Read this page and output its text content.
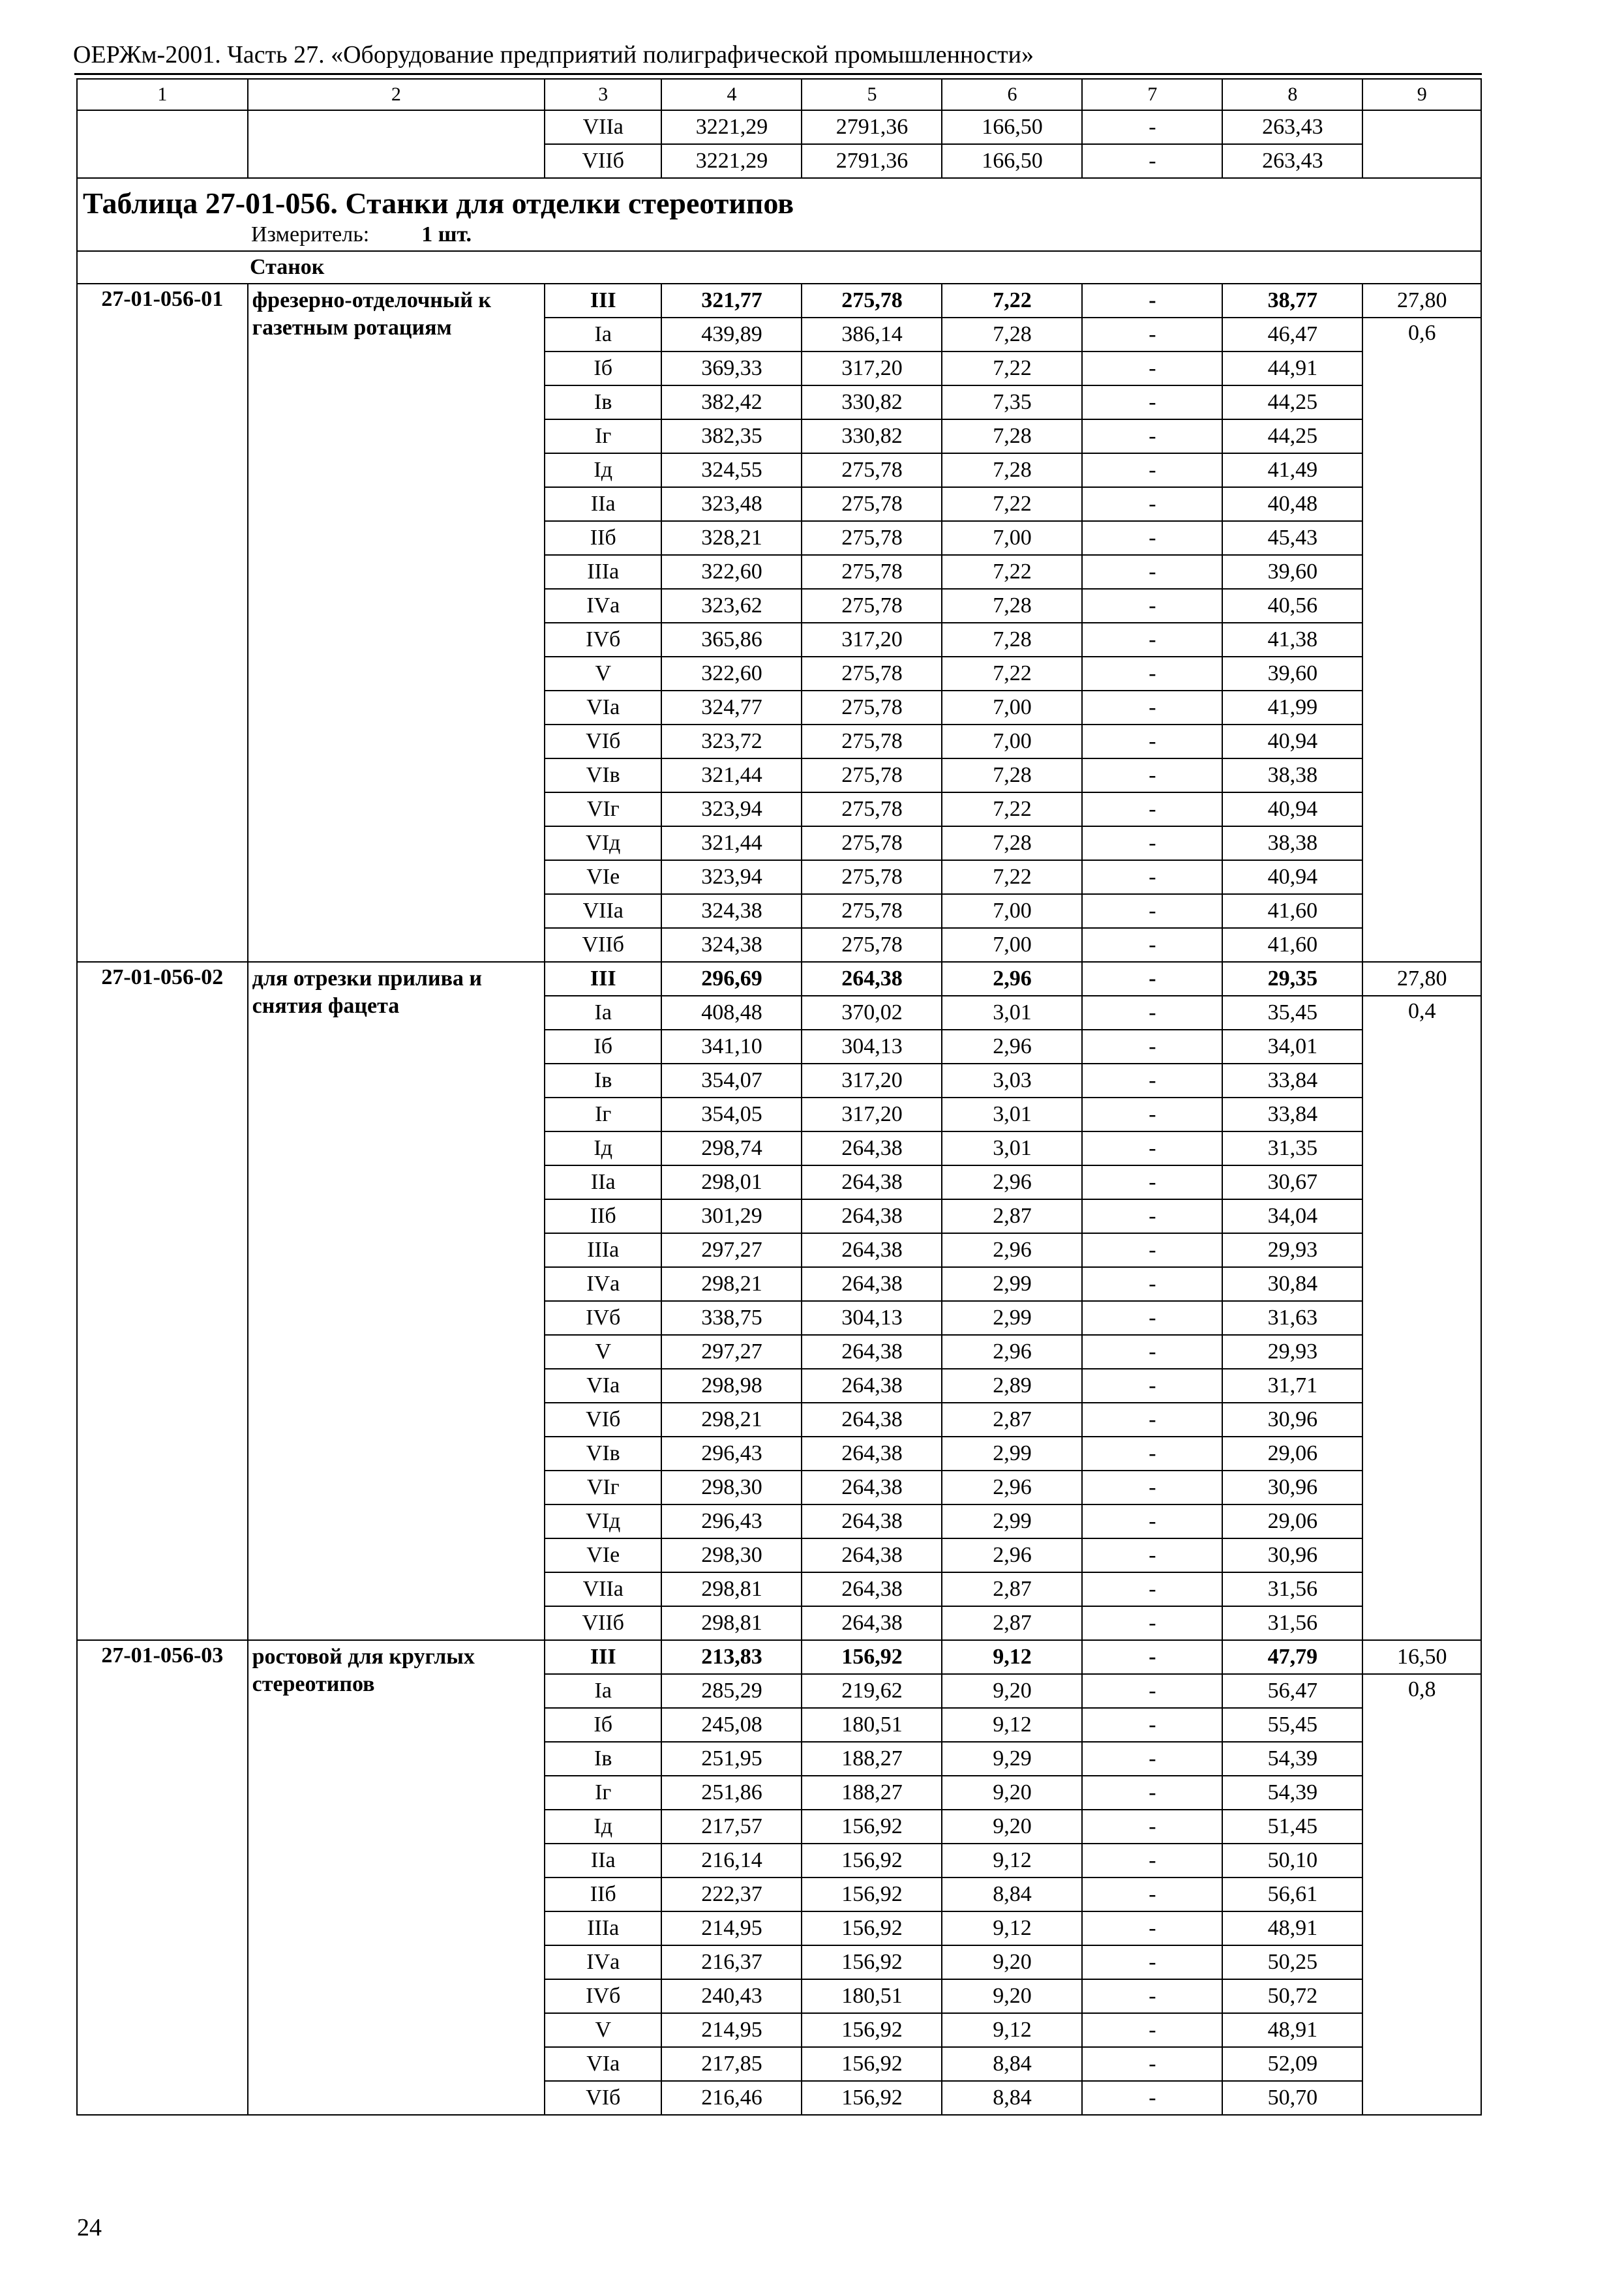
ОЕРЖм-2001. Часть 27. «Оборудование предприятий полиграфической промышленности»
1	2	3	4	5	6	7	8	9
		VIIа	3221,29	2791,36	166,50	-	263,43	
		VIIб	3221,29	2791,36	166,50	-	263,43	

Таблица 27-01-056. Станки для отделки стереотипов
Измеритель: 1 шт.								

Станок								
27-01-056-01	фрезерно-отделочный к газетным ротациям	III	321,77	275,78	7,22	-	38,77	27,80
		Iа	439,89	386,14	7,28	-	46,47	0,6
		Iб	369,33	317,20	7,22	-	44,91	
		Iв	382,42	330,82	7,35	-	44,25	
		Iг	382,35	330,82	7,28	-	44,25	
		Iд	324,55	275,78	7,28	-	41,49	
		IIа	323,48	275,78	7,22	-	40,48	
		IIб	328,21	275,78	7,00	-	45,43	
		IIIа	322,60	275,78	7,22	-	39,60	
		IVа	323,62	275,78	7,28	-	40,56	
		IVб	365,86	317,20	7,28	-	41,38	
		V	322,60	275,78	7,22	-	39,60	
		VIа	324,77	275,78	7,00	-	41,99	
		VIб	323,72	275,78	7,00	-	40,94	
		VIв	321,44	275,78	7,28	-	38,38	
		VIг	323,94	275,78	7,22	-	40,94	
		VIд	321,44	275,78	7,28	-	38,38	
		VIе	323,94	275,78	7,22	-	40,94	
		VIIа	324,38	275,78	7,00	-	41,60	
		VIIб	324,38	275,78	7,00	-	41,60	
27-01-056-02	для отрезки прилива и снятия фацета	III	296,69	264,38	2,96	-	29,35	27,80
		Iа	408,48	370,02	3,01	-	35,45	0,4
		Iб	341,10	304,13	2,96	-	34,01	
		Iв	354,07	317,20	3,03	-	33,84	
		Iг	354,05	317,20	3,01	-	33,84	
		Iд	298,74	264,38	3,01	-	31,35	
		IIа	298,01	264,38	2,96	-	30,67	
		IIб	301,29	264,38	2,87	-	34,04	
		IIIа	297,27	264,38	2,96	-	29,93	
		IVа	298,21	264,38	2,99	-	30,84	
		IVб	338,75	304,13	2,99	-	31,63	
		V	297,27	264,38	2,96	-	29,93	
		VIа	298,98	264,38	2,89	-	31,71	
		VIб	298,21	264,38	2,87	-	30,96	
		VIв	296,43	264,38	2,99	-	29,06	
		VIг	298,30	264,38	2,96	-	30,96	
		VIд	296,43	264,38	2,99	-	29,06	
		VIе	298,30	264,38	2,96	-	30,96	
		VIIа	298,81	264,38	2,87	-	31,56	
		VIIб	298,81	264,38	2,87	-	31,56	
27-01-056-03	ростовой для круглых стереотипов	III	213,83	156,92	9,12	-	47,79	16,50
		Iа	285,29	219,62	9,20	-	56,47	0,8
		Iб	245,08	180,51	9,12	-	55,45	
		Iв	251,95	188,27	9,29	-	54,39	
		Iг	251,86	188,27	9,20	-	54,39	
		Iд	217,57	156,92	9,20	-	51,45	
		IIа	216,14	156,92	9,12	-	50,10	
		IIб	222,37	156,92	8,84	-	56,61	
		IIIа	214,95	156,92	9,12	-	48,91	
		IVа	216,37	156,92	9,20	-	50,25	
		IVб	240,43	180,51	9,20	-	50,72	
		V	214,95	156,92	9,12	-	48,91	
		VIа	217,85	156,92	8,84	-	52,09	
		VIб	216,46	156,92	8,84	-	50,70	
24
